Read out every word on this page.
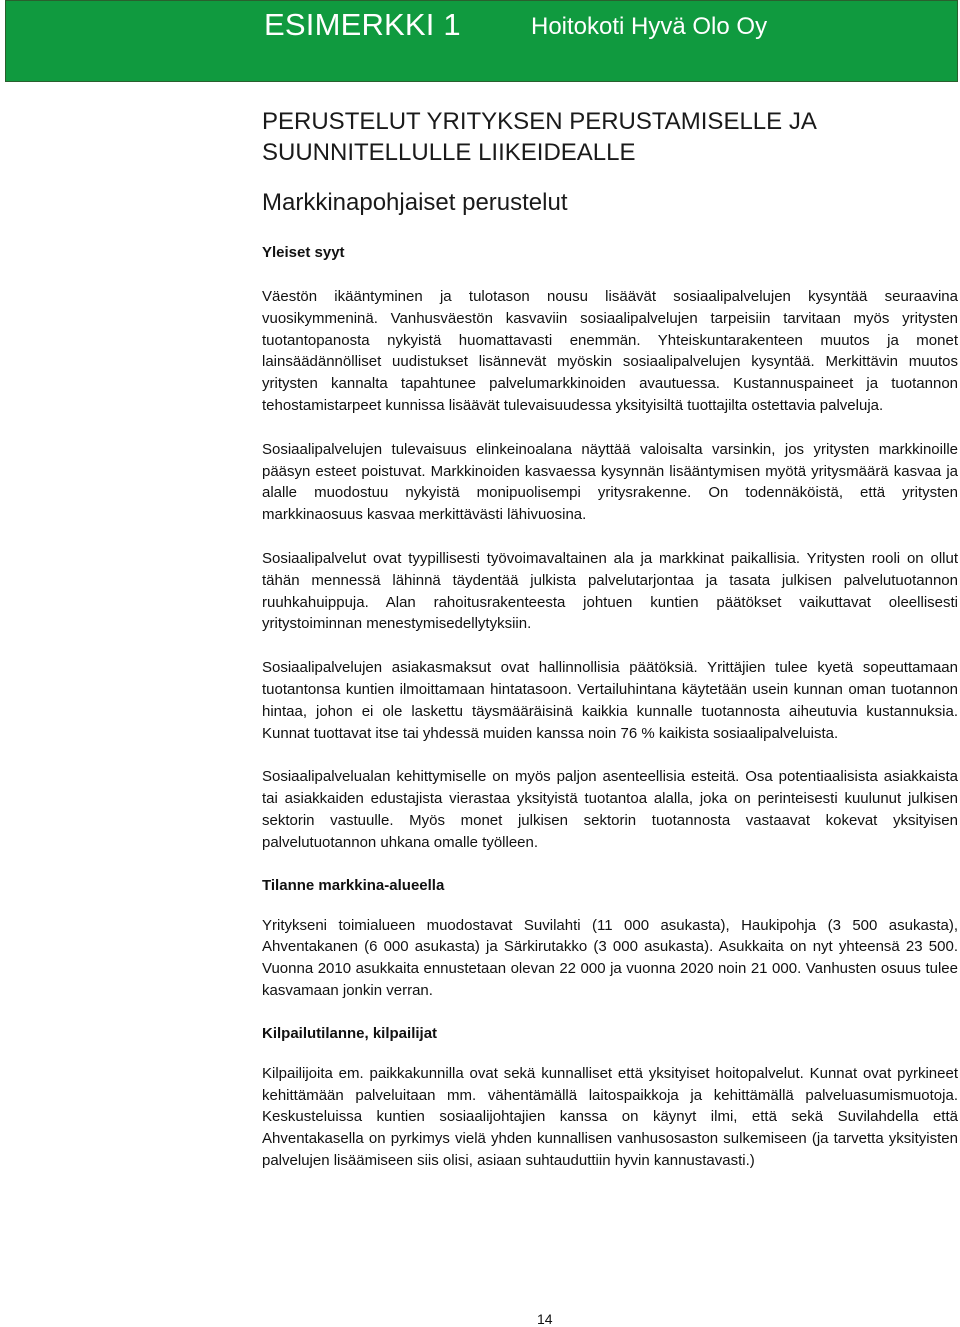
ESIMERKKI 1	Hoitokoti Hyvä Olo Oy
PERUSTELUT YRITYKSEN PERUSTAMISELLE JA
SUUNNITELLULLE LIIKEIDEALLE
Markkinapohjaiset perustelut
Yleiset syyt

Väestön ikääntyminen ja tulotason nousu lisäävät sosiaalipalvelujen kysyntää seuraavina vuosikymmeninä. Vanhusväestön kasvaviin sosiaalipalvelujen tarpeisiin tarvitaan myös yritysten tuotantopanosta nykyistä huomattavasti enemmän. Yhteiskuntarakenteen muutos ja monet lainsäädännölliset uudistukset lisännevät myöskin sosiaalipalvelujen kysyntää. Merkittävin muutos yritysten kannalta tapahtunee palvelumarkkinoiden avautuessa. Kustannuspaineet ja tuotannon tehostamistarpeet kunnissa lisäävät tulevaisuudessa yksityisiltä tuottajilta ostettavia palveluja.

Sosiaalipalvelujen tulevaisuus elinkeinoalana näyttää valoisalta varsinkin, jos yritysten markkinoille pääsyn esteet poistuvat. Markkinoiden kasvaessa kysynnän lisääntymisen myötä yritysmäärä kasvaa ja alalle muodostuu nykyistä monipuolisempi yritysrakenne. On todennäköistä, että yritysten markkinaosuus kasvaa merkittävästi lähivuosina.

Sosiaalipalvelut ovat tyypillisesti työvoimavaltainen ala ja markkinat paikallisia. Yritysten rooli on ollut tähän mennessä lähinnä täydentää julkista palvelutarjontaa ja tasata julkisen palvelutuotannon ruuhkahuippuja. Alan rahoitusrakenteesta johtuen kuntien päätökset vaikuttavat oleellisesti yritystoiminnan menestymisedellytyksiin.

Sosiaalipalvelujen asiakasmaksut ovat hallinnollisia päätöksiä. Yrittäjien tulee kyetä sopeuttamaan tuotantonsa kuntien ilmoittamaan hintatasoon. Vertailuhintana käytetään usein kunnan oman tuotannon hintaa, johon ei ole laskettu täysmääräisinä kaikkia kunnalle tuotannosta aiheutuvia kustannuksia. Kunnat tuottavat itse tai yhdessä muiden kanssa noin 76 % kaikista sosiaalipalveluista.

Sosiaalipalvelualan kehittymiselle on myös paljon asenteellisia esteitä. Osa potentiaalisista asiakkaista tai asiakkaiden edustajista vierastaa yksityistä tuotantoa alalla, joka on perinteisesti kuulunut julkisen sektorin vastuulle. Myös monet julkisen sektorin tuotannosta vastaavat kokevat yksityisen palvelutuotannon uhkana omalle työlleen.

Tilanne markkina-alueella

Yritykseni toimialueen muodostavat Suvilahti (11 000 asukasta), Haukipohja (3 500 asukasta), Ahventakanen (6 000 asukasta) ja Särkirutakko (3 000 asukasta). Asukkaita on nyt yhteensä 23 500. Vuonna 2010 asukkaita ennustetaan olevan 22 000 ja vuonna 2020 noin 21 000. Vanhusten osuus tulee kasvamaan jonkin verran.

Kilpailutilanne, kilpailijat

Kilpailijoita em. paikkakunnilla ovat sekä kunnalliset että yksityiset hoitopalvelut. Kunnat ovat pyrkineet kehittämään palveluitaan mm. vähentämällä laitospaikkoja ja kehittämällä palveluasumismuotoja. Keskusteluissa kuntien sosiaalijohtajien kanssa on käynyt ilmi, että sekä Suvilahdella että Ahventakasella on pyrkimys vielä yhden kunnallisen vanhusosaston sulkemiseen (ja tarvetta yksityisten palvelujen lisäämiseen siis olisi, asiaan suhtauduttiin hyvin kannustavasti.)

14
